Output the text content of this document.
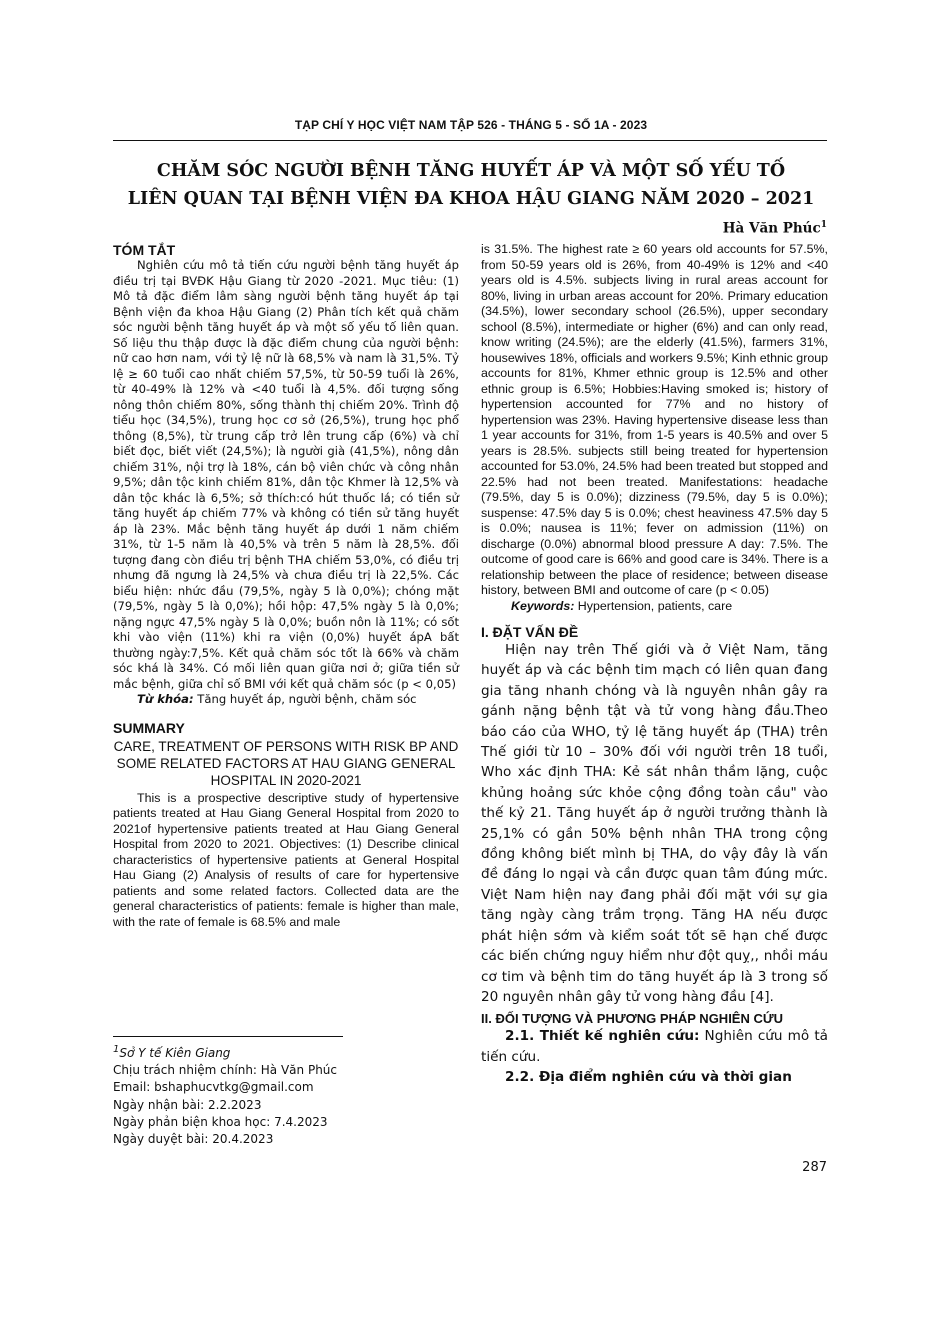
TẠP CHÍ Y HỌC VIỆT NAM TẬP 526 - THÁNG 5 - SỐ 1A - 2023
CHĂM SÓC NGƯỜI BỆNH TĂNG HUYẾT ÁP VÀ MỘT SỐ YẾU TỐ
LIÊN QUAN TẠI BỆNH VIỆN ĐA KHOA HẬU GIANG NĂM 2020 – 2021
Hà Văn Phúc$^1$

TÓM TẮT

Nghiên cứu mô tả tiến cứu người bệnh tăng huyết áp điều trị tại BVĐK Hậu Giang từ 2020 -2021. Mục tiêu: (1) Mô tả đặc điểm lâm sàng người bệnh tăng huyết áp tại Bệnh viện đa khoa Hậu Giang (2) Phân tích kết quả chăm sóc người bệnh tăng huyết áp và một số yếu tố liên quan. Số liệu thu thập được là đặc điểm chung của người bệnh: nữ cao hơn nam, với tỷ lệ nữ là 68,5% và nam là 31,5%. Tỷ lệ ≥ 60 tuổi cao nhất chiếm 57,5%, từ 50-59 tuổi là 26%, từ 40-49% là 12% và <40 tuổi là 4,5%. đối tượng sống nông thôn chiếm 80%, sống thành thị chiếm 20%. Trình độ tiểu học (34,5%), trung học cơ sở (26,5%), trung học phổ thông (8,5%), từ trung cấp trở lên trung cấp (6%) và chỉ biết đọc, biết viết (24,5%); là người già (41,5%), nông dân chiếm 31%, nội trợ là 18%, cán bộ viên chức và công nhân 9,5%; dân tộc kinh chiếm 81%, dân tộc Khmer là 12,5% và dân tộc khác là 6,5%; sở thích:có hút thuốc lá; có tiền sử tăng huyết áp chiếm 77% và không có tiền sử tăng huyết áp là 23%. Mắc bệnh tăng huyết áp dưới 1 năm chiếm 31%, từ 1-5 năm là 40,5% và trên 5 năm là 28,5%. đối tượng đang còn điều trị bệnh THA chiếm 53,0%, có điều trị nhưng đã ngưng là 24,5% và chưa điều trị là 22,5%. Các biểu hiện: nhức đầu (79,5%, ngày 5 là 0,0%); chóng mặt (79,5%, ngày 5 là 0,0%); hồi hộp: 47,5% ngày 5 là 0,0%; nặng ngực 47,5% ngày 5 là 0,0%; buồn nôn là 11%; có sốt khi vào viện (11%) khi ra viện (0,0%) huyết ápA bất thường ngày:7,5%. Kết quả chăm sóc tốt là 66% và chăm sóc khá là 34%. Có mối liên quan giữa nơi ở; giữa tiền sử mắc bệnh, giữa chỉ số BMI với kết quả chăm sóc (p < 0,05)

Từ khóa: Tăng huyết áp, người bệnh, chăm sóc

SUMMARY

CARE, TREATMENT OF PERSONS WITH RISK BP AND SOME RELATED FACTORS AT HAU GIANG GENERAL HOSPITAL IN 2020-2021

This is a prospective descriptive study of hypertensive patients treated at Hau Giang General Hospital from 2020 to 2021of hypertensive patients treated at Hau Giang General Hospital from 2020 to 2021. Objectives: (1) Describe clinical characteristics of hypertensive patients at General Hospital Hau Giang (2) Analysis of results of care for hypertensive patients and some related factors. Collected data are the general characteristics of patients: female is higher than male, with the rate of female is 68.5% and male

$^1$Sở Y tế Kiên Giang
Chịu trách nhiệm chính: Hà Văn Phúc
Email: bshaphucvtkg@gmail.com
Ngày nhận bài: 2.2.2023
Ngày phản biện khoa học: 7.4.2023
Ngày duyệt bài: 20.4.2023

is 31.5%. The highest rate ≥ 60 years old accounts for 57.5%, from 50-59 years old is 26%, from 40-49% is 12% and <40 years old is 4.5%. subjects living in rural areas account for 80%, living in urban areas account for 20%. Primary education (34.5%), lower secondary school (26.5%), upper secondary school (8.5%), intermediate or higher (6%) and can only read, know writing (24.5%); are the elderly (41.5%), farmers 31%, housewives 18%, officials and workers 9.5%; Kinh ethnic group accounts for 81%, Khmer ethnic group is 12.5% and other ethnic group is 6.5%; Hobbies:Having smoked is; history of hypertension accounted for 77% and no history of hypertension was 23%. Having hypertensive disease less than 1 year accounts for 31%, from 1-5 years is 40.5% and over 5 years is 28.5%. subjects still being treated for hypertension accounted for 53.0%, 24.5% had been treated but stopped and 22.5% had not been treated. Manifestations: headache (79.5%, day 5 is 0.0%); dizziness (79.5%, day 5 is 0.0%); suspense: 47.5% day 5 is 0.0%; chest heaviness 47.5% day 5 is 0.0%; nausea is 11%; fever on admission (11%) on discharge (0.0%) abnormal blood pressure A day: 7.5%. The outcome of good care is 66% and good care is 34%. There is a relationship between the place of residence; between disease history, between BMI and outcome of care (p < 0.05)

Keywords: Hypertension, patients, care

I. ĐẶT VẤN ĐỀ

Hiện nay trên Thế giới và ở Việt Nam, tăng huyết áp và các bệnh tim mạch có liên quan đang gia tăng nhanh chóng và là nguyên nhân gây ra gánh nặng bệnh tật và tử vong hàng đầu.Theo báo cáo của WHO, tỷ lệ tăng huyết áp (THA) trên Thế giới từ 10 – 30% đối với người trên 18 tuổi, Who xác định THA: Kẻ sát nhân thầm lặng, cuộc khủng hoảng sức khỏe cộng đồng toàn cầu" vào thế kỷ 21. Tăng huyết áp ở người trưởng thành là 25,1% có gần 50% bệnh nhân THA trong cộng đồng không biết mình bị THA, do vậy đây là vấn đề đáng lo ngại và cần được quan tâm đúng mức. Việt Nam hiện nay đang phải đối mặt với sự gia tăng ngày càng trầm trọng. Tăng HA nếu được phát hiện sớm và kiểm soát tốt sẽ hạn chế được các biến chứng nguy hiểm như đột quỵ,, nhồi máu cơ tim và bệnh tim do tăng huyết áp là 3 trong số 20 nguyên nhân gây tử vong hàng đầu [4].

II. ĐỐI TƯỢNG VÀ PHƯƠNG PHÁP NGHIÊN CỨU

2.1. Thiết kế nghiên cứu: Nghiên cứu mô tả tiến cứu.

2.2. Địa điểm nghiên cứu và thời gian

287
